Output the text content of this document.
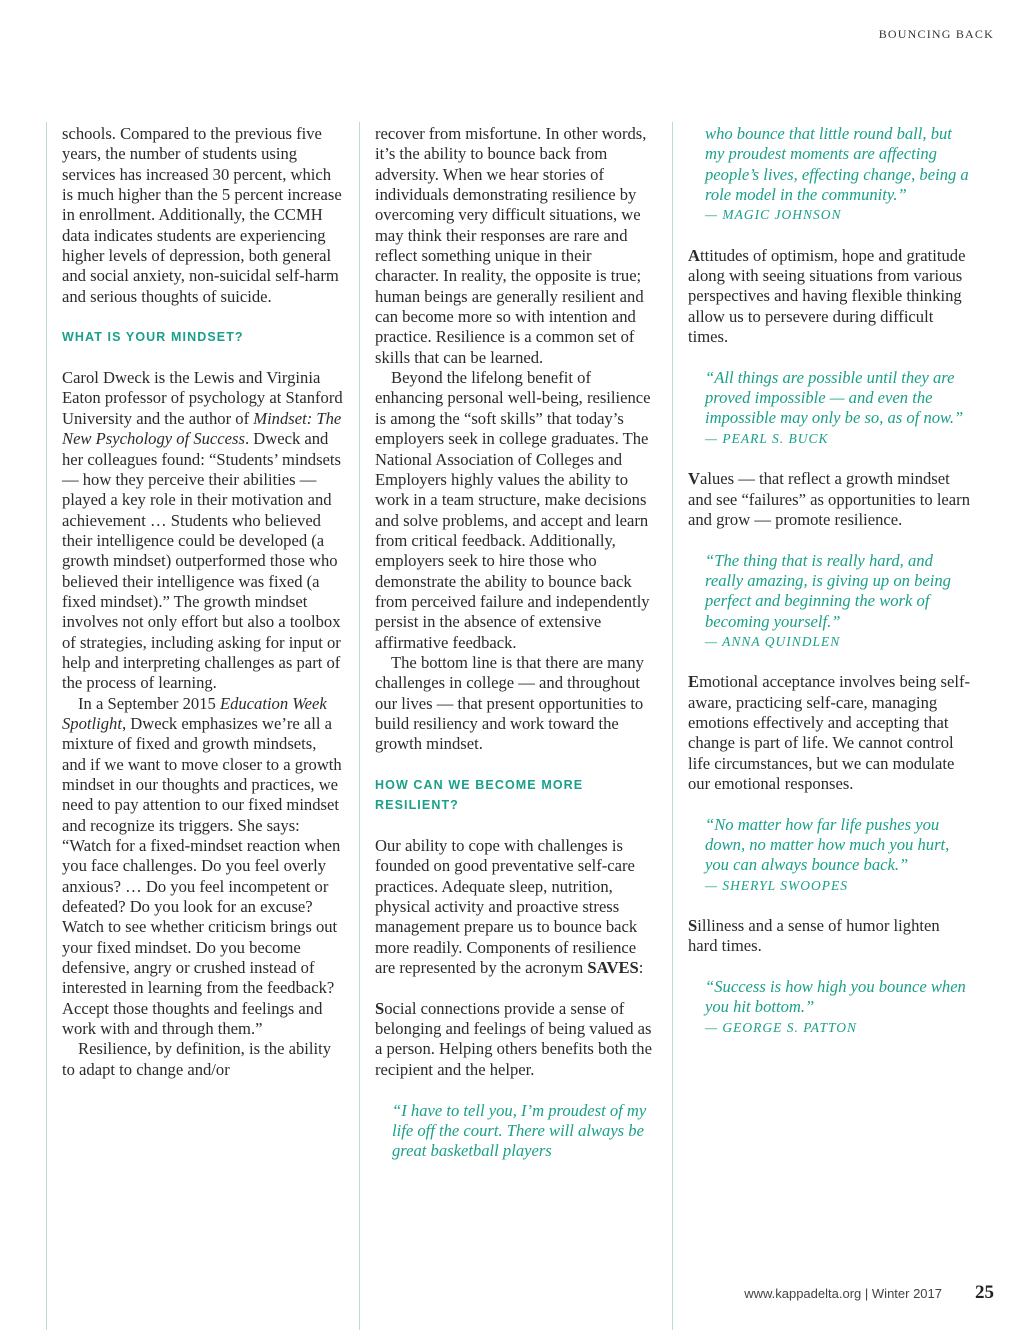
BOUNCING BACK

schools. Compared to the previous five years, the number of students using services has increased 30 percent, which is much higher than the 5 percent increase in enrollment. Additionally, the CCMH data indicates students are experiencing higher levels of depression, both general and social anxiety, non-suicidal self-harm and serious thoughts of suicide.

WHAT IS YOUR MINDSET?

Carol Dweck is the Lewis and Virginia Eaton professor of psychology at Stanford University and the author of Mindset: The New Psychology of Success. Dweck and her colleagues found: “Students’ mindsets — how they perceive their abilities — played a key role in their motivation and achievement … Students who believed their intelligence could be developed (a growth mindset) outperformed those who believed their intelligence was fixed (a fixed mindset).” The growth mindset involves not only effort but also a toolbox of strategies, including asking for input or help and interpreting challenges as part of the process of learning.

In a September 2015 Education Week Spotlight, Dweck emphasizes we’re all a mixture of fixed and growth mindsets, and if we want to move closer to a growth mindset in our thoughts and practices, we need to pay attention to our fixed mindset and recognize its triggers. She says: “Watch for a fixed-mindset reaction when you face challenges. Do you feel overly anxious? … Do you feel incompetent or defeated? Do you look for an excuse? Watch to see whether criticism brings out your fixed mindset. Do you become defensive, angry or crushed instead of interested in learning from the feedback? Accept those thoughts and feelings and work with and through them.”

Resilience, by definition, is the ability to adapt to change and/or

recover from misfortune. In other words, it’s the ability to bounce back from adversity. When we hear stories of individuals demonstrating resilience by overcoming very difficult situations, we may think their responses are rare and reflect something unique in their character. In reality, the opposite is true; human beings are generally resilient and can become more so with intention and practice. Resilience is a common set of skills that can be learned.

Beyond the lifelong benefit of enhancing personal well-being, resilience is among the “soft skills” that today’s employers seek in college graduates. The National Association of Colleges and Employers highly values the ability to work in a team structure, make decisions and solve problems, and accept and learn from critical feedback. Additionally, employers seek to hire those who demonstrate the ability to bounce back from perceived failure and independently persist in the absence of extensive affirmative feedback.

The bottom line is that there are many challenges in college — and throughout our lives — that present opportunities to build resiliency and work toward the growth mindset.

HOW CAN WE BECOME MORE RESILIENT?

Our ability to cope with challenges is founded on good preventative self-care practices. Adequate sleep, nutrition, physical activity and proactive stress management prepare us to bounce back more readily. Components of resilience are represented by the acronym SAVES:

Social connections provide a sense of belonging and feelings of being valued as a person. Helping others benefits both the recipient and the helper.

“I have to tell you, I’m proudest of my life off the court. There will always be great basketball players

who bounce that little round ball, but my proudest moments are affecting people’s lives, effecting change, being a role model in the community.”

— MAGIC JOHNSON

Attitudes of optimism, hope and gratitude along with seeing situations from various perspectives and having flexible thinking allow us to persevere during difficult times.

“All things are possible until they are proved impossible — and even the impossible may only be so, as of now.”

— PEARL S. BUCK

Values — that reflect a growth mindset and see “failures” as opportunities to learn and grow — promote resilience.

“The thing that is really hard, and really amazing, is giving up on being perfect and beginning the work of becoming yourself.”

— ANNA QUINDLEN

Emotional acceptance involves being self-aware, practicing self-care, managing emotions effectively and accepting that change is part of life. We cannot control life circumstances, but we can modulate our emotional responses.

“No matter how far life pushes you down, no matter how much you hurt, you can always bounce back.”

— SHERYL SWOOPES

Silliness and a sense of humor lighten hard times.

“Success is how high you bounce when you hit bottom.”

— GEORGE S. PATTON

www.kappadelta.org | Winter 2017 25
